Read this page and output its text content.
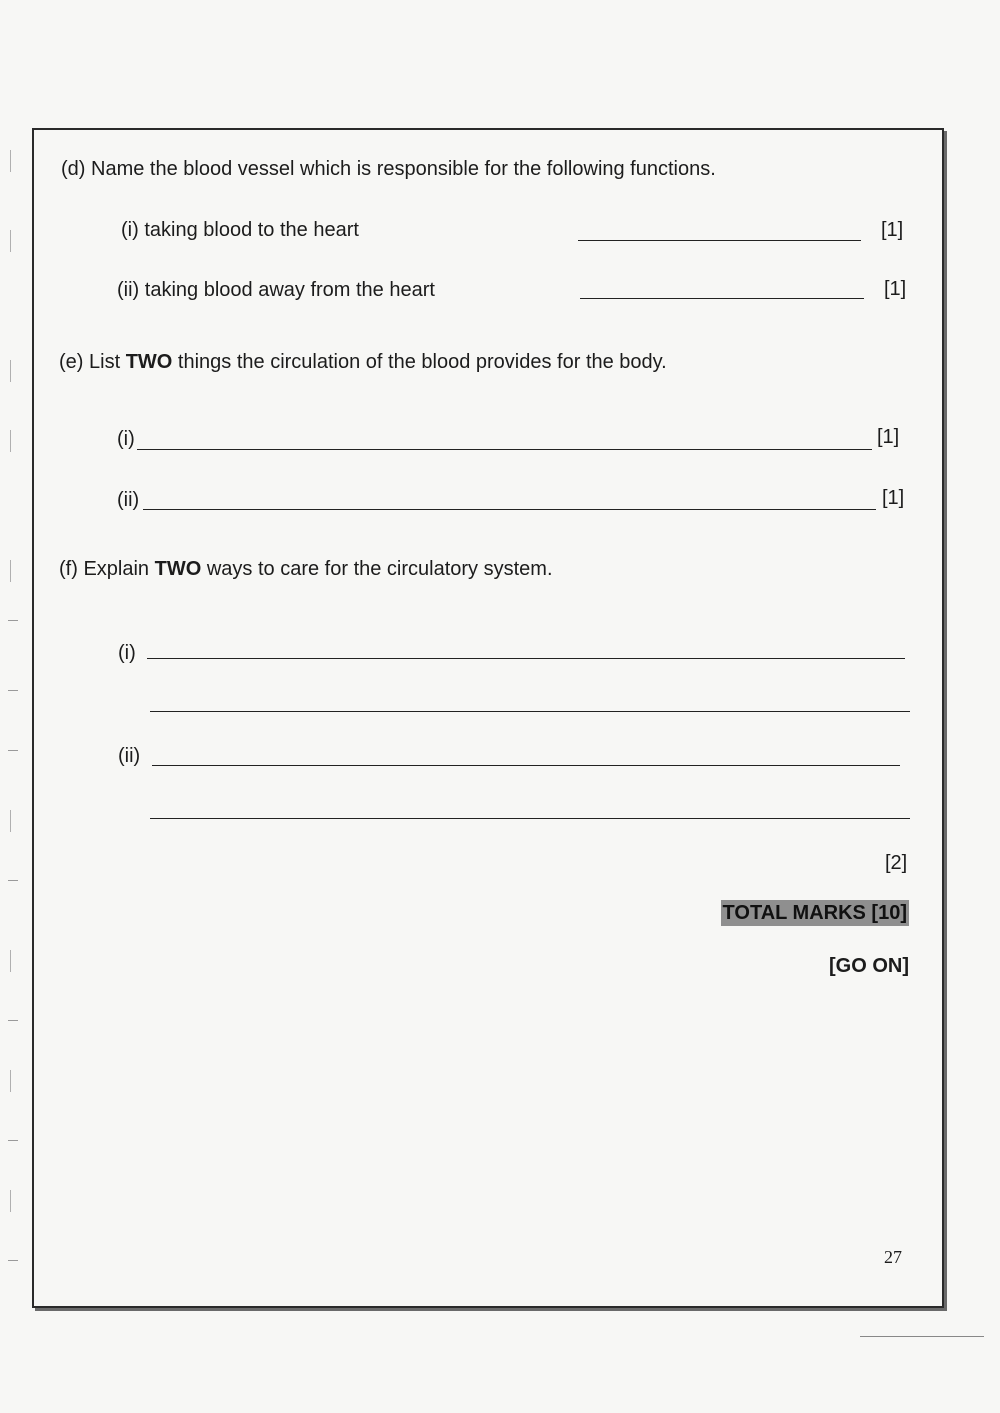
(d) Name the blood vessel which is responsible for the following functions.
(i) taking blood to the heart	[1]
(ii) taking blood away from the heart	[1]
(e) List TWO things the circulation of the blood provides for the body.
(i)	[1]
(ii)	[1]
(f) Explain TWO ways to care for the circulatory system.
(i)
(ii)
[2]
TOTAL MARKS [10]
[GO ON]
27
